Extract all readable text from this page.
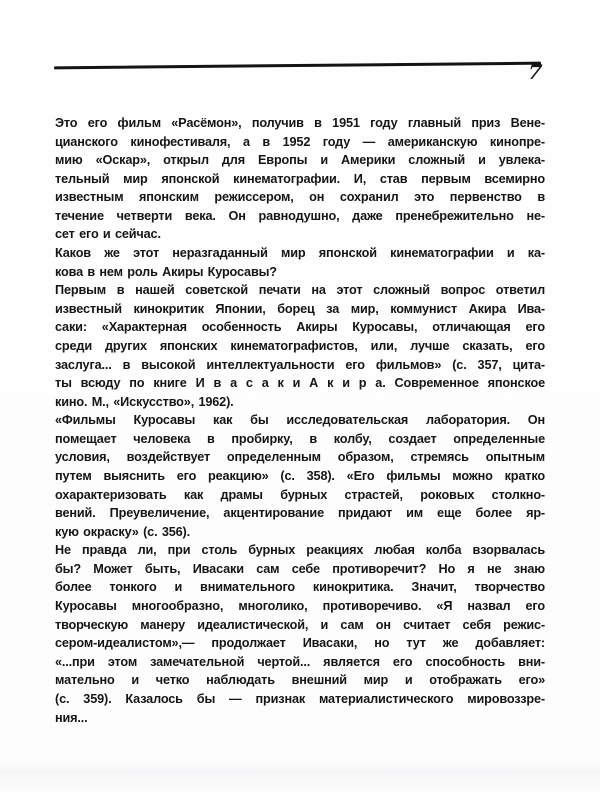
7
Это его фильм «Расёмон», получив в 1951 году главный приз Вене-
цианского кинофестиваля, а в 1952 году — американскую кинопре-
мию «Оскар», открыл для Европы и Америки сложный и увлека-
тельный мир японской кинематографии. И, став первым всемирно
известным японским режиссером, он сохранил это первенство в
течение четверти века. Он равнодушно, даже пренебрежительно не-
сет его и сейчас.
Каков же этот неразгаданный мир японской кинематографии и ка-
кова в нем роль Акиры Куросавы?
Первым в нашей советской печати на этот сложный вопрос ответил
известный кинокритик Японии, борец за мир, коммунист Акира Ива-
саки: «Характерная особенность Акиры Куросавы, отличающая его
среди других японских кинематографистов, или, лучше сказать, его
заслуга... в высокой интеллектуальности его фильмов» (с. 357, цита-
ты всюду по книге И в а с а к и А к и р а. Современное японское
кино. М., «Искусство», 1962).
«Фильмы Куросавы как бы исследовательская лаборатория. Он
помещает человека в пробирку, в колбу, создает определенные
условия, воздействует определенным образом, стремясь опытным
путем выяснить его реакцию» (с. 358). «Его фильмы можно кратко
охарактеризовать как драмы бурных страстей, роковых столкно-
вений. Преувеличение, акцентирование придают им еще более яр-
кую окраску» (с. 356).
Не правда ли, при столь бурных реакциях любая колба взорвалась
бы? Может быть, Ивасаки сам себе противоречит? Но я не знаю
более тонкого и внимательного кинокритика. Значит, творчество
Куросавы многообразно, многолико, противоречиво. «Я назвал его
творческую манеру идеалистической, и сам он считает себя режис-
сером-идеалистом»,— продолжает Ивасаки, но тут же добавляет:
«...при этом замечательной чертой... является его способность вни-
мательно и четко наблюдать внешний мир и отображать его»
(с. 359). Казалось бы — признак материалистического мировоззре-
ния...
